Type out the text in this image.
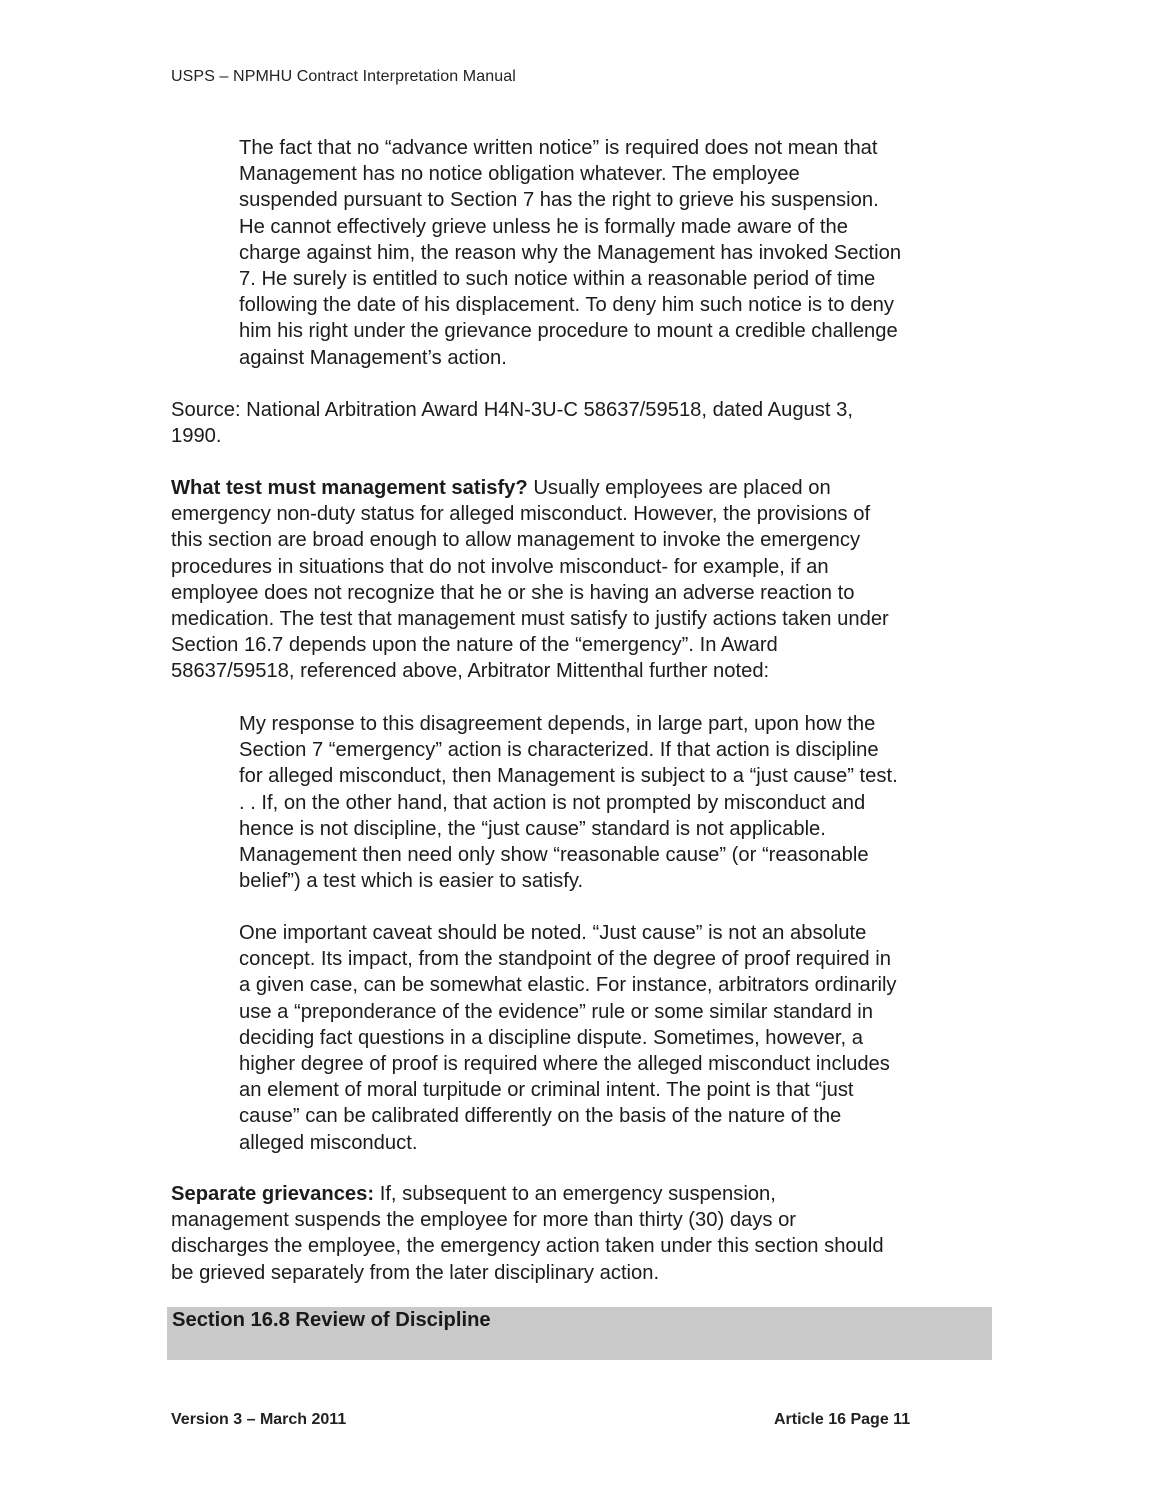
USPS – NPMHU Contract Interpretation Manual
The fact that no “advance written notice” is required does not mean that
Management has no notice obligation whatever. The employee
suspended pursuant to Section 7 has the right to grieve his suspension.
He cannot effectively grieve unless he is formally made aware of the
charge against him, the reason why the Management has invoked Section
7. He surely is entitled to such notice within a reasonable period of time
following the date of his displacement. To deny him such notice is to deny
him his right under the grievance procedure to mount a credible challenge
against Management’s action.
Source: National Arbitration Award H4N-3U-C 58637/59518, dated August 3,
1990.
What test must management satisfy? Usually employees are placed on
emergency non-duty status for alleged misconduct. However, the provisions of
this section are broad enough to allow management to invoke the emergency
procedures in situations that do not involve misconduct- for example, if an
employee does not recognize that he or she is having an adverse reaction to
medication. The test that management must satisfy to justify actions taken under
Section 16.7 depends upon the nature of the “emergency”. In Award
58637/59518, referenced above, Arbitrator Mittenthal further noted:
My response to this disagreement depends, in large part, upon how the
Section 7 “emergency” action is characterized. If that action is discipline
for alleged misconduct, then Management is subject to a “just cause” test.
. . If, on the other hand, that action is not prompted by misconduct and
hence is not discipline, the “just cause” standard is not applicable.
Management then need only show “reasonable cause” (or “reasonable
belief”) a test which is easier to satisfy.
One important caveat should be noted. “Just cause” is not an absolute
concept. Its impact, from the standpoint of the degree of proof required in
a given case, can be somewhat elastic. For instance, arbitrators ordinarily
use a “preponderance of the evidence” rule or some similar standard in
deciding fact questions in a discipline dispute. Sometimes, however, a
higher degree of proof is required where the alleged misconduct includes
an element of moral turpitude or criminal intent. The point is that “just
cause” can be calibrated differently on the basis of the nature of the
alleged misconduct.
Separate grievances: If, subsequent to an emergency suspension,
management suspends the employee for more than thirty (30) days or
discharges the employee, the emergency action taken under this section should
be grieved separately from the later disciplinary action.
Section 16.8 Review of Discipline
Version 3 – March 2011	Article 16 Page 11
